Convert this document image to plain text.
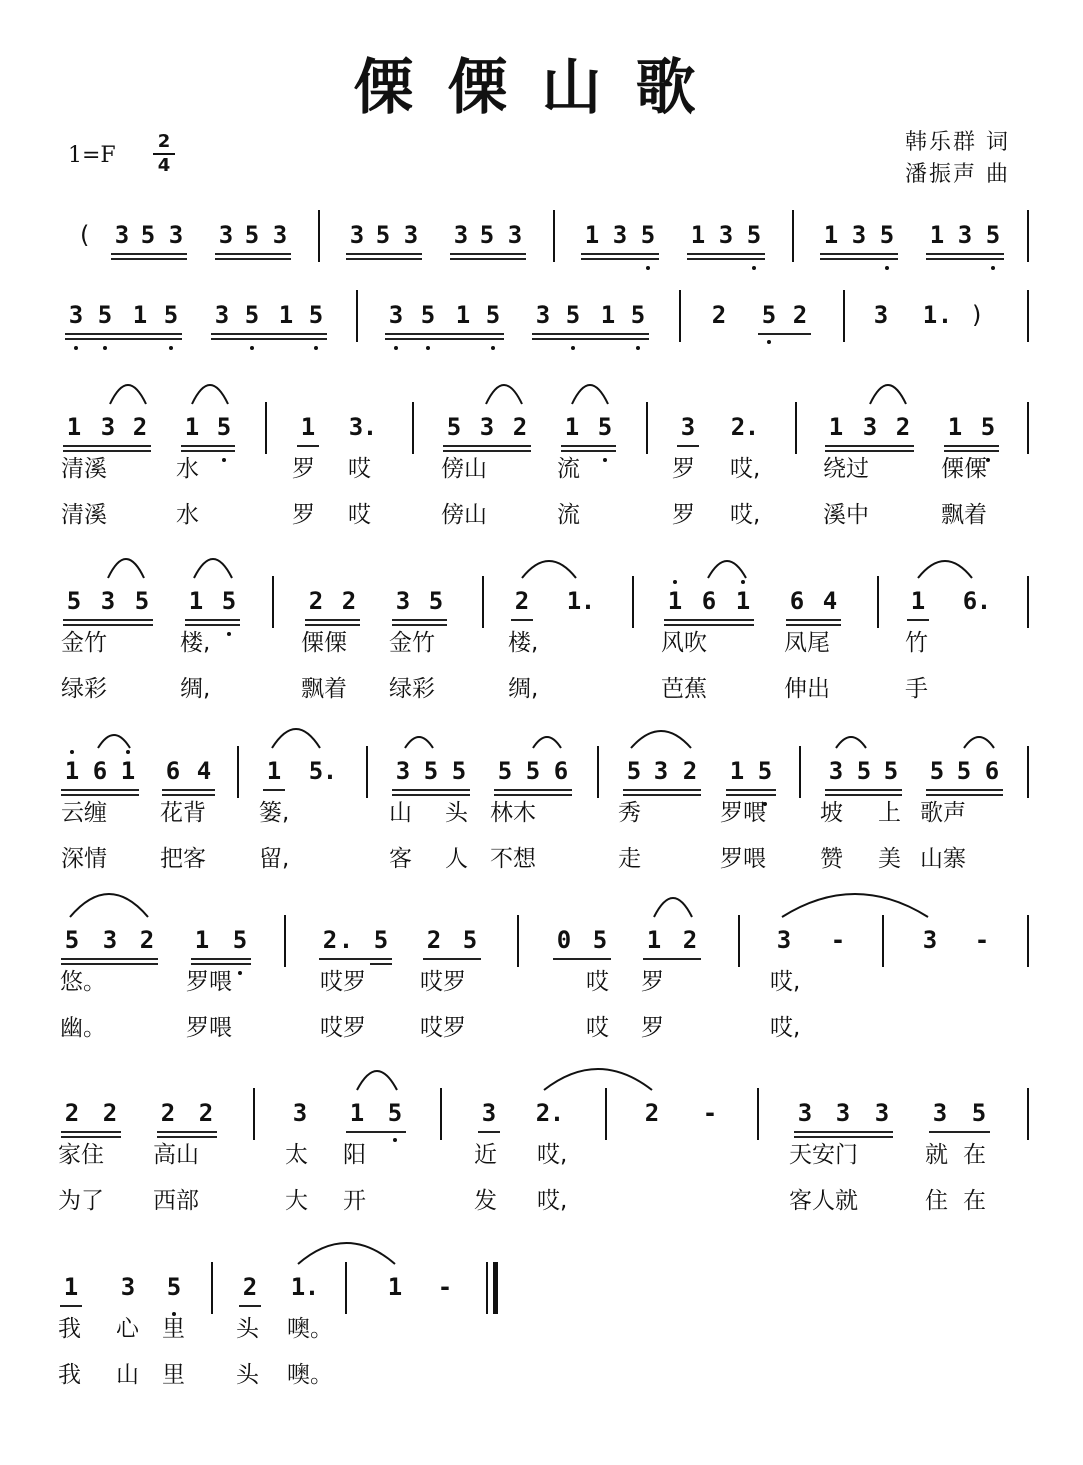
傈傈山歌
1=F
2
4
韩乐群 词
潘振声 曲
( 3 5 3 3 5 3	3 5 3 3 5 3	1 3 5 1 3 5	1 3 5 1 3 5
3 5 1 5 3 5 1 5	3 5 1 5 3 5 1 5	2 5 2	3 1 . )
1 3 2 1 5	1 3 .	5 3 2 1 5	3 2 .	1 3 2 1 5
清溪	水	罗 哎	傍山	流	罗 哎,	绕过	傈傈
清溪	水	罗 哎	傍山	流	罗 哎,	溪中	飘着
5 3 5 1 5	2 2 3 5	2 1 .	1 6 1 6 4	1 6 .
金竹	楼,	傈傈 金竹	楼,	风吹	凤尾	竹
绿彩	绸,	飘着 绿彩	绸,	芭蕉	伸出	手
1 6 1 6 4 1 5 . 3 5 5 5 5 6 5 3 2 1 5 3 5 5 5 5 6
云缠 花背 篓,	山 头 林木	秀	罗喂 坡 上 歌声
深情 把客 留,	客 人 不想	走	罗喂 赞 美 山寨
5 3 2 1 5	2 . 5 2 5	0 5 1 2	3 -	3 -
悠。	罗喂	哎罗 哎罗	哎 罗	哎,
幽。	罗喂	哎罗 哎罗	哎 罗	哎,
2 2 2 2	3 1 5	3 2 .	2 -	3 3 3 3 5
家住 高山	太 阳	近 哎,	天安门	就 在
为了 西部	大 开	发 哎,	客人就	住 在
1 3 5	2 1 .	1 -
我 心 里 头 噢。
我 山 里 头 噢。
